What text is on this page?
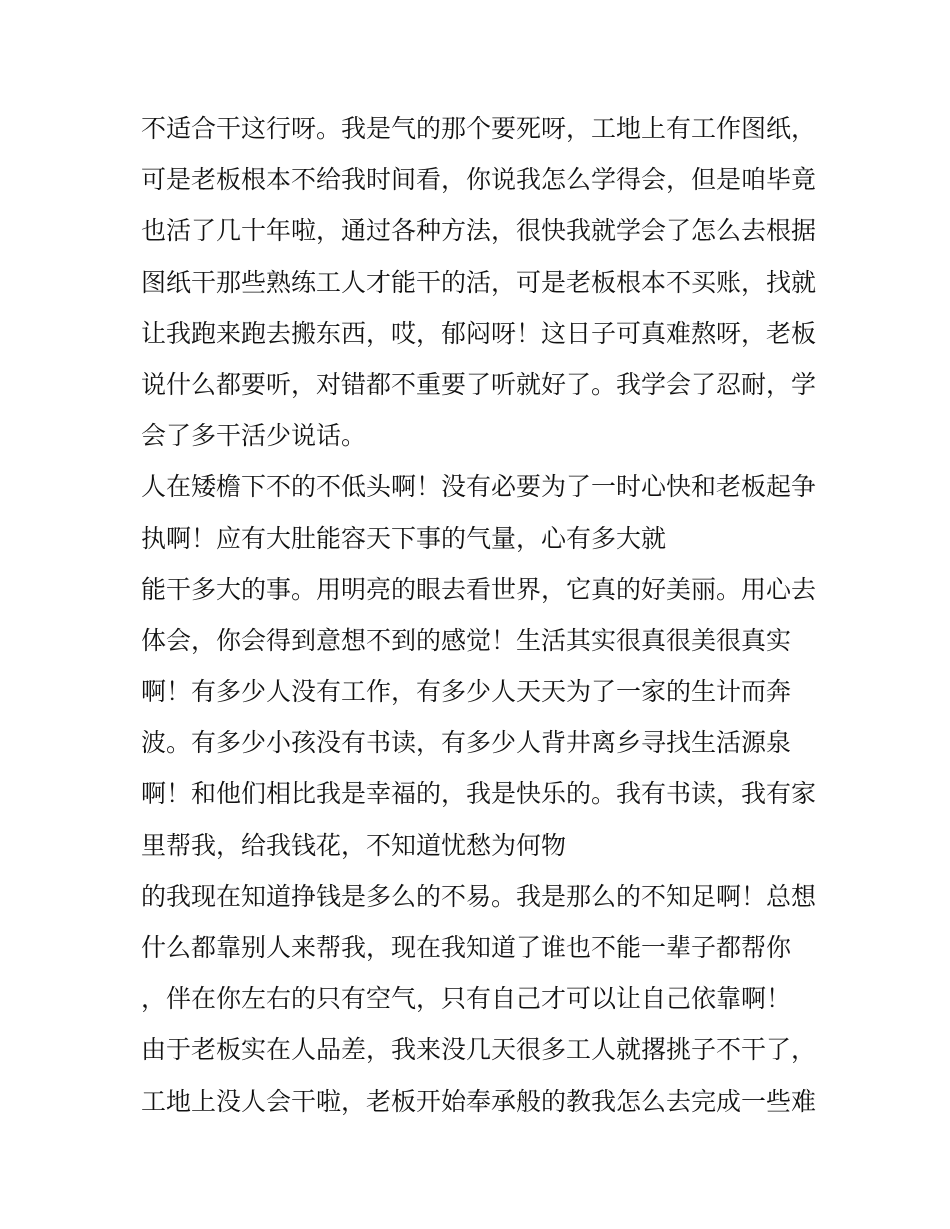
不适合干这行呀。我是气的那个要死呀，工地上有工作图纸，
可是老板根本不给我时间看，你说我怎么学得会，但是咱毕竟
也活了几十年啦，通过各种方法，很快我就学会了怎么去根据
图纸干那些熟练工人才能干的活，可是老板根本不买账，找就
让我跑来跑去搬东西，哎，郁闷呀！这日子可真难熬呀，老板
说什么都要听，对错都不重要了听就好了。我学会了忍耐，学
会了多干活少说话。
人在矮檐下不的不低头啊！没有必要为了一时心快和老板起争
执啊！应有大肚能容天下事的气量，心有多大就
能干多大的事。用明亮的眼去看世界，它真的好美丽。用心去
体会，你会得到意想不到的感觉！生活其实很真很美很真实
啊！有多少人没有工作，有多少人天天为了一家的生计而奔
波。有多少小孩没有书读，有多少人背井离乡寻找生活源泉
啊！和他们相比我是幸福的，我是快乐的。我有书读，我有家
里帮我，给我钱花，不知道忧愁为何物
的我现在知道挣钱是多么的不易。我是那么的不知足啊！总想
什么都靠别人来帮我，现在我知道了谁也不能一辈子都帮你
，伴在你左右的只有空气，只有自己才可以让自己依靠啊！
由于老板实在人品差，我来没几天很多工人就撂挑子不干了，
工地上没人会干啦，老板开始奉承般的教我怎么去完成一些难
